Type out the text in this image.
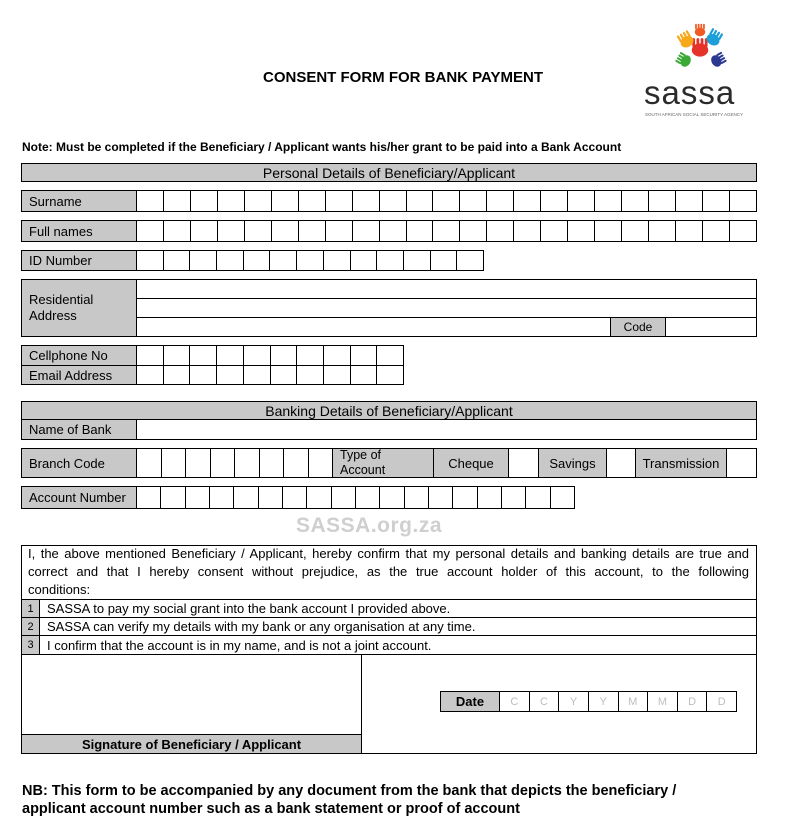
CONSENT FORM FOR BANK PAYMENT	sassa
SOUTH AFRICAN SOCIAL SECURITY AGENCY
Note: Must be completed if the Beneficiary / Applicant wants his/her grant to be paid into a Bank Account
Personal Details of Beneficiary/Applicant
Surname
Full names
ID Number
Residential Address
Code
Cellphone No
Email Address
Banking Details of Beneficiary/Applicant
Name of Bank
Branch Code
Type of Account	Cheque	Savings	Transmission
Account Number
SASSA.org.za
I, the above mentioned Beneficiary / Applicant, hereby confirm that my personal details and banking details are true and
correct and that I hereby consent without prejudice, as the true account holder of this account, to the following
conditions:
1	SASSA to pay my social grant into the bank account I provided above.
2	SASSA can verify my details with my bank or any organisation at any time.
3	I confirm that the account is in my name, and is not a joint account.
Signature of Beneficiary / Applicant
Date	C	C	Y	Y	M	M	D	D
NB: This form to be accompanied by any document from the bank that depicts the beneficiary /
applicant account number such as a bank statement or proof of account
